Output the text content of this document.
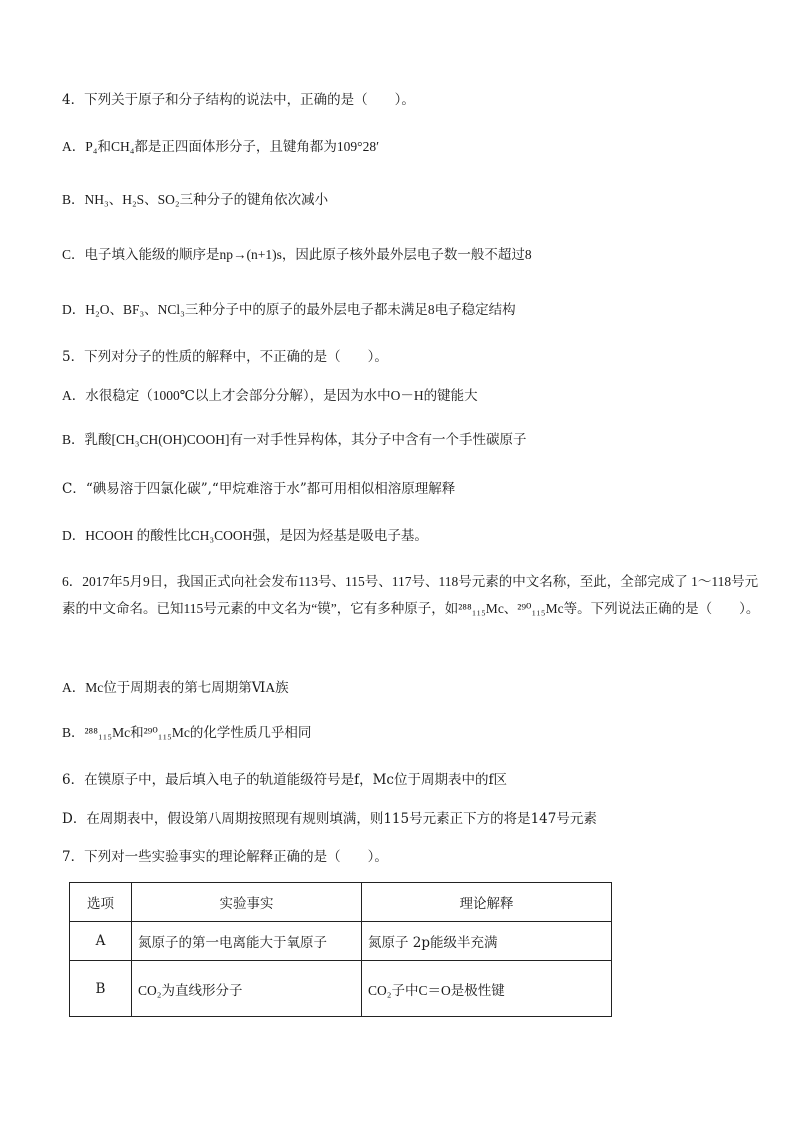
4．下列关于原子和分子结构的说法中，正确的是（　　）。
A．P₄和CH₄都是正四面体形分子，且键角都为109°28′
B．NH₃、H₂S、SO₂三种分子的键角依次减小
C．电子填入能级的顺序是np→(n+1)s，因此原子核外最外层电子数一般不超过8
D．H₂O、BF₃、NCl₃三种分子中的原子的最外层电子都未满足8电子稳定结构
5．下列对分子的性质的解释中，不正确的是（　　）。
A．水很稳定（1000℃以上才会部分分解），是因为水中O－H的键能大
B．乳酸[CH₃CH(OH)COOH]有一对手性异构体，其分子中含有一个手性碳原子
C．“碘易溶于四氯化碳”,“甲烷难溶于水”都可用相似相溶原理解释
D．HCOOH 的酸性比CH₃COOH强，是因为烃基是吸电子基。
6．2017年5月9日，我国正式向社会发布113号、115号、117号、118号元素的中文名称，至此，全部完成了 1～118号元素的中文命名。已知115号元素的中文名为“镆”，它有多种原子，如²⁸⁸₁₁₅Mc、²⁹⁰₁₁₅Mc等。下列说法正确的是（　　）。
A．Mc位于周期表的第七周期第ⅥA族
B．²⁸⁸₁₁₅Mc和²⁹⁰₁₁₅Mc的化学性质几乎相同
6．在镆原子中，最后填入电子的轨道能级符号是f，Mc位于周期表中的f区
D．在周期表中，假设第八周期按照现有规则填满，则115号元素正下方的将是147号元素
7．下列对一些实验事实的理论解释正确的是（　　）。
选项	实验事实	理论解释
A	氮原子的第一电离能大于氧原子	氮原子 2p能级半充满
B	CO₂为直线形分子	CO₂子中C＝O是极性键
